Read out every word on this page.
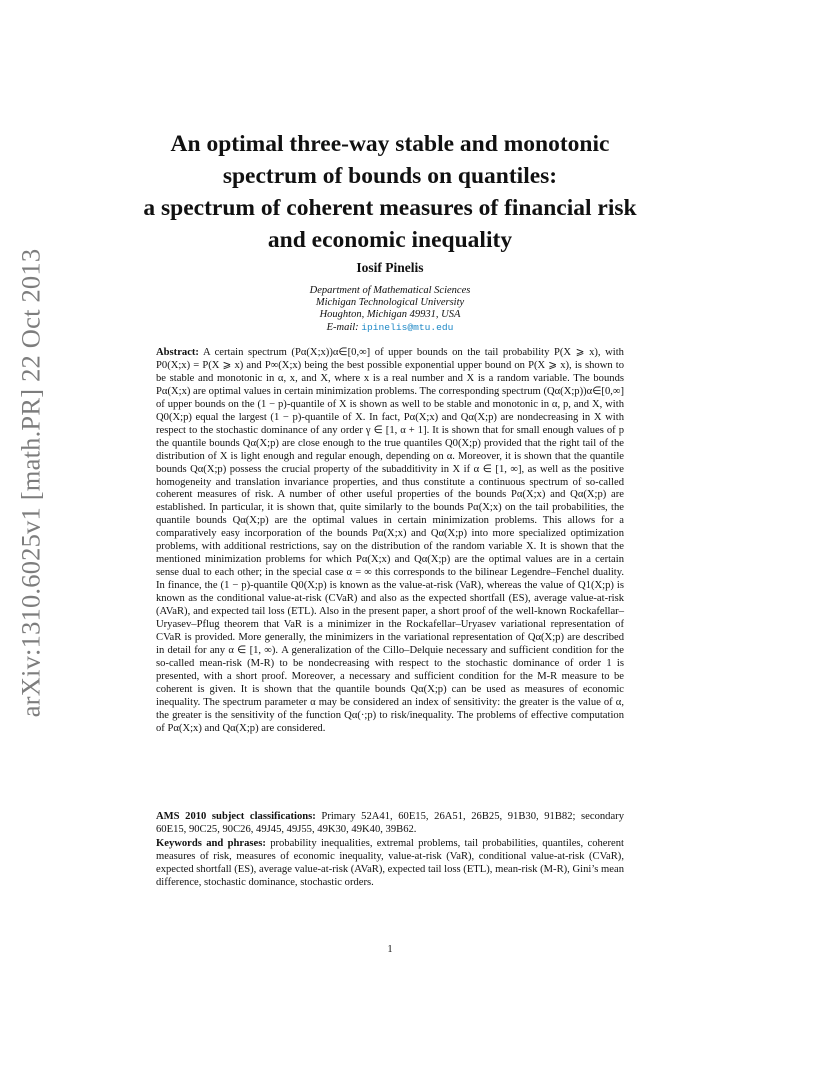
arXiv:1310.6025v1 [math.PR] 22 Oct 2013
An optimal three-way stable and monotonic
spectrum of bounds on quantiles:
a spectrum of coherent measures of financial risk
and economic inequality
Iosif Pinelis
Department of Mathematical Sciences
Michigan Technological University
Houghton, Michigan 49931, USA
E-mail: ipinelis@mtu.edu
Abstract: A certain spectrum (Pα(X;x))α∈[0,∞] of upper bounds on the tail probability P(X ⩾ x), with P0(X;x) = P(X ⩾ x) and P∞(X;x) being the best possible exponential upper bound on P(X ⩾ x), is shown to be stable and monotonic in α, x, and X, where x is a real number and X is a random variable. The bounds Pα(X;x) are optimal values in certain minimization problems. The corresponding spectrum (Qα(X;p))α∈[0,∞] of upper bounds on the (1 − p)-quantile of X is shown as well to be stable and monotonic in α, p, and X, with Q0(X;p) equal the largest (1 − p)-quantile of X. In fact, Pα(X;x) and Qα(X;p) are nondecreasing in X with respect to the stochastic dominance of any order γ ∈ [1, α + 1]. It is shown that for small enough values of p the quantile bounds Qα(X;p) are close enough to the true quantiles Q0(X;p) provided that the right tail of the distribution of X is light enough and regular enough, depending on α. Moreover, it is shown that the quantile bounds Qα(X;p) possess the crucial property of the subadditivity in X if α ∈ [1, ∞], as well as the positive homogeneity and translation invariance properties, and thus constitute a continuous spectrum of so-called coherent measures of risk. A number of other useful properties of the bounds Pα(X;x) and Qα(X;p) are established. In particular, it is shown that, quite similarly to the bounds Pα(X;x) on the tail probabilities, the quantile bounds Qα(X;p) are the optimal values in certain minimization problems. This allows for a comparatively easy incorporation of the bounds Pα(X;x) and Qα(X;p) into more specialized optimization problems, with additional restrictions, say on the distribution of the random variable X. It is shown that the mentioned minimization problems for which Pα(X;x) and Qα(X;p) are the optimal values are in a certain sense dual to each other; in the special case α = ∞ this corresponds to the bilinear Legendre–Fenchel duality. In finance, the (1 − p)-quantile Q0(X;p) is known as the value-at-risk (VaR), whereas the value of Q1(X;p) is known as the conditional value-at-risk (CVaR) and also as the expected shortfall (ES), average value-at-risk (AVaR), and expected tail loss (ETL). Also in the present paper, a short proof of the well-known Rockafellar–Uryasev–Pflug theorem that VaR is a minimizer in the Rockafellar–Uryasev variational representation of CVaR is provided. More generally, the minimizers in the variational representation of Qα(X;p) are described in detail for any α ∈ [1, ∞). A generalization of the Cillo–Delquie necessary and sufficient condition for the so-called mean-risk (M-R) to be nondecreasing with respect to the stochastic dominance of order 1 is presented, with a short proof. Moreover, a necessary and sufficient condition for the M-R measure to be coherent is given. It is shown that the quantile bounds Qα(X;p) can be used as measures of economic inequality. The spectrum parameter α may be considered an index of sensitivity: the greater is the value of α, the greater is the sensitivity of the function Qα(·;p) to risk/inequality. The problems of effective computation of Pα(X;x) and Qα(X;p) are considered.
AMS 2010 subject classifications: Primary 52A41, 60E15, 26A51, 26B25, 91B30, 91B82; secondary 60E15, 90C25, 90C26, 49J45, 49J55, 49K30, 49K40, 39B62.
Keywords and phrases: probability inequalities, extremal problems, tail probabilities, quantiles, coherent measures of risk, measures of economic inequality, value-at-risk (VaR), conditional value-at-risk (CVaR), expected shortfall (ES), average value-at-risk (AVaR), expected tail loss (ETL), mean-risk (M-R), Gini’s mean difference, stochastic dominance, stochastic orders.
1
